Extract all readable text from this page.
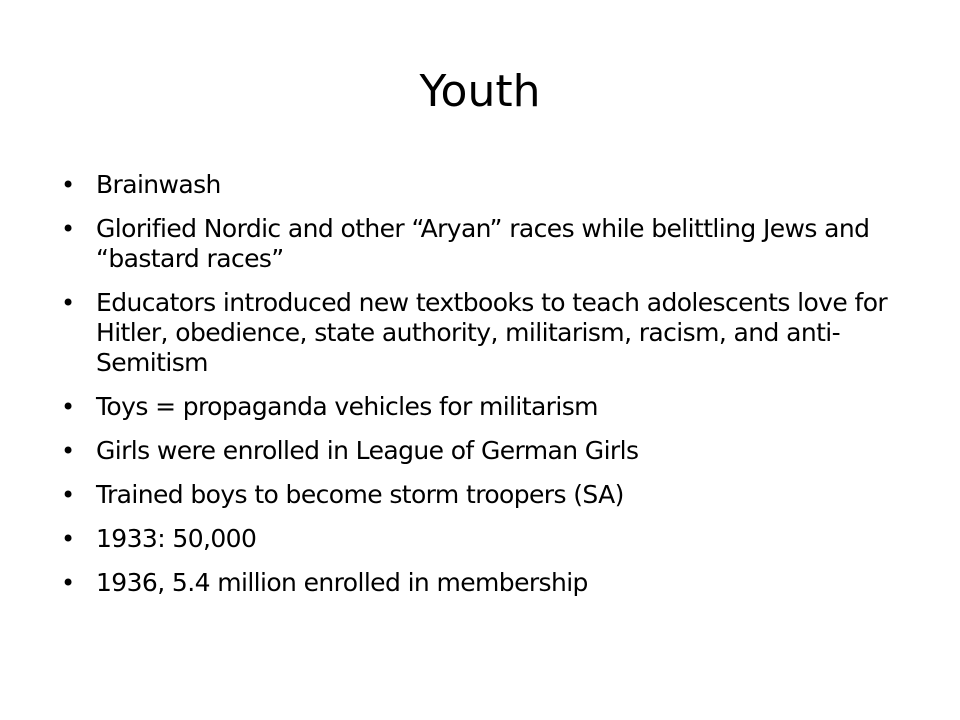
Youth
• Brainwash
• Glorified Nordic and other “Aryan” races while belittling Jews and “bastard races”
• Educators introduced new textbooks to teach adolescents love for Hitler, obedience, state authority, militarism, racism, and anti-Semitism
• Toys = propaganda vehicles for militarism
• Girls were enrolled in League of German Girls
• Trained boys to become storm troopers (SA)
• 1933: 50,000
• 1936, 5.4 million enrolled in membership
